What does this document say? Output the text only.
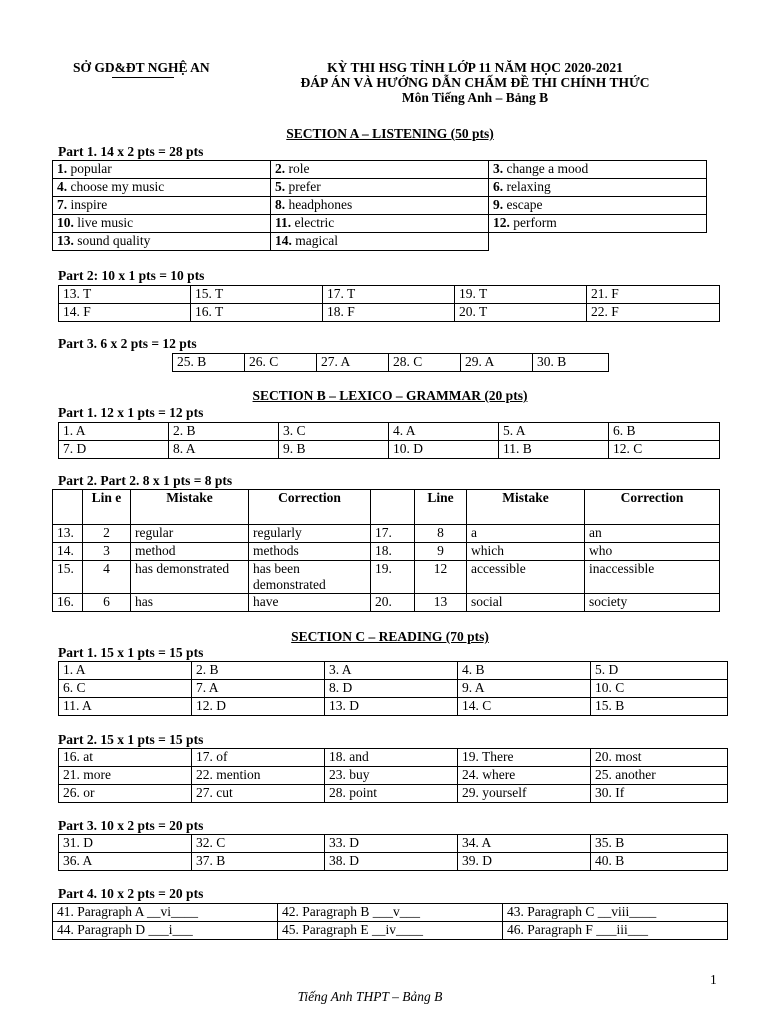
SỞ GD&ĐT NGHỆ AN	KỲ THI HSG TỈNH LỚP 11 NĂM HỌC 2020-2021
ĐÁP ÁN VÀ HƯỚNG DẪN CHẤM ĐỀ THI CHÍNH THỨC
Môn Tiếng Anh – Bảng B
SECTION A – LISTENING (50 pts)
Part 1. 14 x 2 pts = 28 pts
1. popular	2. role	3. change a mood
4. choose my music	5. prefer	6. relaxing
7. inspire	8. headphones	9. escape
10. live music	11. electric	12. perform
13. sound quality	14. magical	
Part 2: 10 x 1 pts = 10 pts
13. T	15. T	17. T	19. T	21. F
14. F	16. T	18. F	20. T	22. F
Part 3. 6 x 2 pts = 12 pts
25. B	26. C	27. A	28. C	29. A	30. B
SECTION B – LEXICO – GRAMMAR (20 pts)
Part 1. 12 x 1 pts = 12 pts
1. A	2. B	3. C	4. A	5. A	6. B
7. D	8. A	9. B	10. D	11. B	12. C
Part 2. Part 2. 8 x 1 pts = 8 pts
	Lin e	Mistake	Correction		Line	Mistake	Correction
13.	2	regular	regularly	17.	8	a	an
14.	3	method	methods	18.	9	which	who
15.	4	has demonstrated	has been demonstrated	19.	12	accessible	inaccessible
16.	6	has	have	20.	13	social	society
SECTION C – READING (70 pts)
Part 1. 15 x 1 pts = 15 pts
1. A	2. B	3. A	4. B	5. D
6. C	7. A	8. D	9. A	10. C
11. A	12. D	13. D	14. C	15. B
Part 2. 15 x 1 pts = 15 pts
16. at	17. of	18. and	19. There	20. most
21. more	22. mention	23. buy	24. where	25. another
26. or	27. cut	28. point	29. yourself	30. If
Part 3. 10 x 2 pts = 20 pts
31. D	32. C	33. D	34. A	35. B
36. A	37. B	38. D	39. D	40. B
Part 4. 10 x 2 pts = 20 pts
41. Paragraph A __vi____	42. Paragraph B ___v___	43. Paragraph C __viii____
44. Paragraph D ___i___	45. Paragraph E __iv____	46. Paragraph F ___iii___
1
Tiếng Anh THPT – Bảng B
